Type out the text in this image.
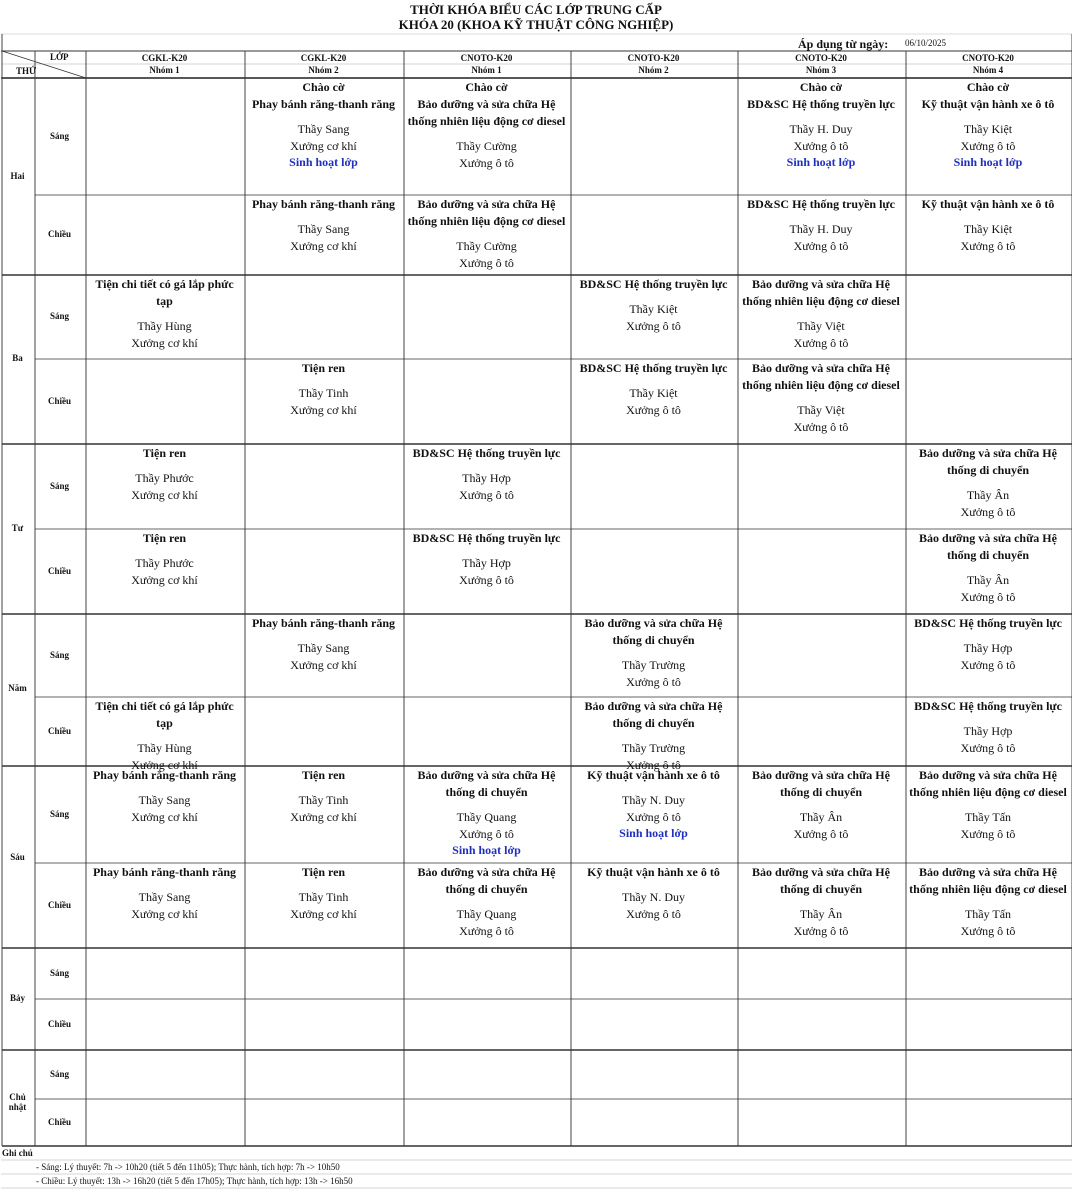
THỜI KHÓA BIỂU CÁC LỚP TRUNG CẤP
KHÓA 20 (KHOA KỸ THUẬT CÔNG NGHIỆP)
Áp dụng từ ngày: 06/10/2025
LỚP
THỨ
CGKL-K20
Nhóm 1
CGKL-K20
Nhóm 2
CNOTO-K20
Nhóm 1
CNOTO-K20
Nhóm 2
CNOTO-K20
Nhóm 3
CNOTO-K20
Nhóm 4
Hai
Sáng
Chiều
Ba
Sáng
Chiều
Tư
Sáng
Chiều
Năm
Sáng
Chiều
Sáu
Sáng
Chiều
Bảy
Sáng
Chiều
Chủ nhật
Sáng
Chiều
Chào cờ
Phay bánh răng-thanh răng
Thầy Sang
Xưởng cơ khí
Sinh hoạt lớp
Chào cờ
Bảo dưỡng và sửa chữa Hệ thống nhiên liệu động cơ diesel
Thầy Cường
Xưởng ô tô
Chào cờ
BD&SC Hệ thống truyền lực
Thầy H. Duy
Xưởng ô tô
Sinh hoạt lớp
Chào cờ
Kỹ thuật vận hành xe ô tô
Thầy Kiệt
Xưởng ô tô
Sinh hoạt lớp
Phay bánh răng-thanh răng
Thầy Sang
Xưởng cơ khí
Bảo dưỡng và sửa chữa Hệ thống nhiên liệu động cơ diesel
Thầy Cường
Xưởng ô tô
BD&SC Hệ thống truyền lực
Thầy H. Duy
Xưởng ô tô
Kỹ thuật vận hành xe ô tô
Thầy Kiệt
Xưởng ô tô
Tiện chi tiết có gá lắp phức tạp
Thầy Hùng
Xưởng cơ khí
BD&SC Hệ thống truyền lực
Thầy Kiệt
Xưởng ô tô
Bảo dưỡng và sửa chữa Hệ thống nhiên liệu động cơ diesel
Thầy Việt
Xưởng ô tô
Tiện ren
Thầy Tinh
Xưởng cơ khí
BD&SC Hệ thống truyền lực
Thầy Kiệt
Xưởng ô tô
Bảo dưỡng và sửa chữa Hệ thống nhiên liệu động cơ diesel
Thầy Việt
Xưởng ô tô
Tiện ren
Thầy Phước
Xưởng cơ khí
BD&SC Hệ thống truyền lực
Thầy Hợp
Xưởng ô tô
Bảo dưỡng và sửa chữa Hệ thống di chuyển
Thầy Ân
Xưởng ô tô
Tiện ren
Thầy Phước
Xưởng cơ khí
BD&SC Hệ thống truyền lực
Thầy Hợp
Xưởng ô tô
Bảo dưỡng và sửa chữa Hệ thống di chuyển
Thầy Ân
Xưởng ô tô
Phay bánh răng-thanh răng
Thầy Sang
Xưởng cơ khí
Bảo dưỡng và sửa chữa Hệ thống di chuyển
Thầy Trường
Xưởng ô tô
BD&SC Hệ thống truyền lực
Thầy Hợp
Xưởng ô tô
Tiện chi tiết có gá lắp phức tạp
Thầy Hùng
Xưởng cơ khí
Bảo dưỡng và sửa chữa Hệ thống di chuyển
Thầy Trường
Xưởng ô tô
BD&SC Hệ thống truyền lực
Thầy Hợp
Xưởng ô tô
Phay bánh răng-thanh răng
Thầy Sang
Xưởng cơ khí
Tiện ren
Thầy Tinh
Xưởng cơ khí
Bảo dưỡng và sửa chữa Hệ thống di chuyển
Thầy Quang
Xưởng ô tô
Sinh hoạt lớp
Kỹ thuật vận hành xe ô tô
Thầy N. Duy
Xưởng ô tô
Sinh hoạt lớp
Bảo dưỡng và sửa chữa Hệ thống di chuyển
Thầy Ân
Xưởng ô tô
Bảo dưỡng và sửa chữa Hệ thống nhiên liệu động cơ diesel
Thầy Tấn
Xưởng ô tô
Phay bánh răng-thanh răng
Thầy Sang
Xưởng cơ khí
Tiện ren
Thầy Tinh
Xưởng cơ khí
Bảo dưỡng và sửa chữa Hệ thống di chuyển
Thầy Quang
Xưởng ô tô
Kỹ thuật vận hành xe ô tô
Thầy N. Duy
Xưởng ô tô
Bảo dưỡng và sửa chữa Hệ thống di chuyển
Thầy Ân
Xưởng ô tô
Bảo dưỡng và sửa chữa Hệ thống nhiên liệu động cơ diesel
Thầy Tấn
Xưởng ô tô
Ghi chú
- Sáng: Lý thuyết: 7h -> 10h20 (tiết 5 đến 11h05); Thực hành, tích hợp: 7h -> 10h50
- Chiều: Lý thuyết: 13h -> 16h20 (tiết 5 đến 17h05); Thực hành, tích hợp: 13h -> 16h50
